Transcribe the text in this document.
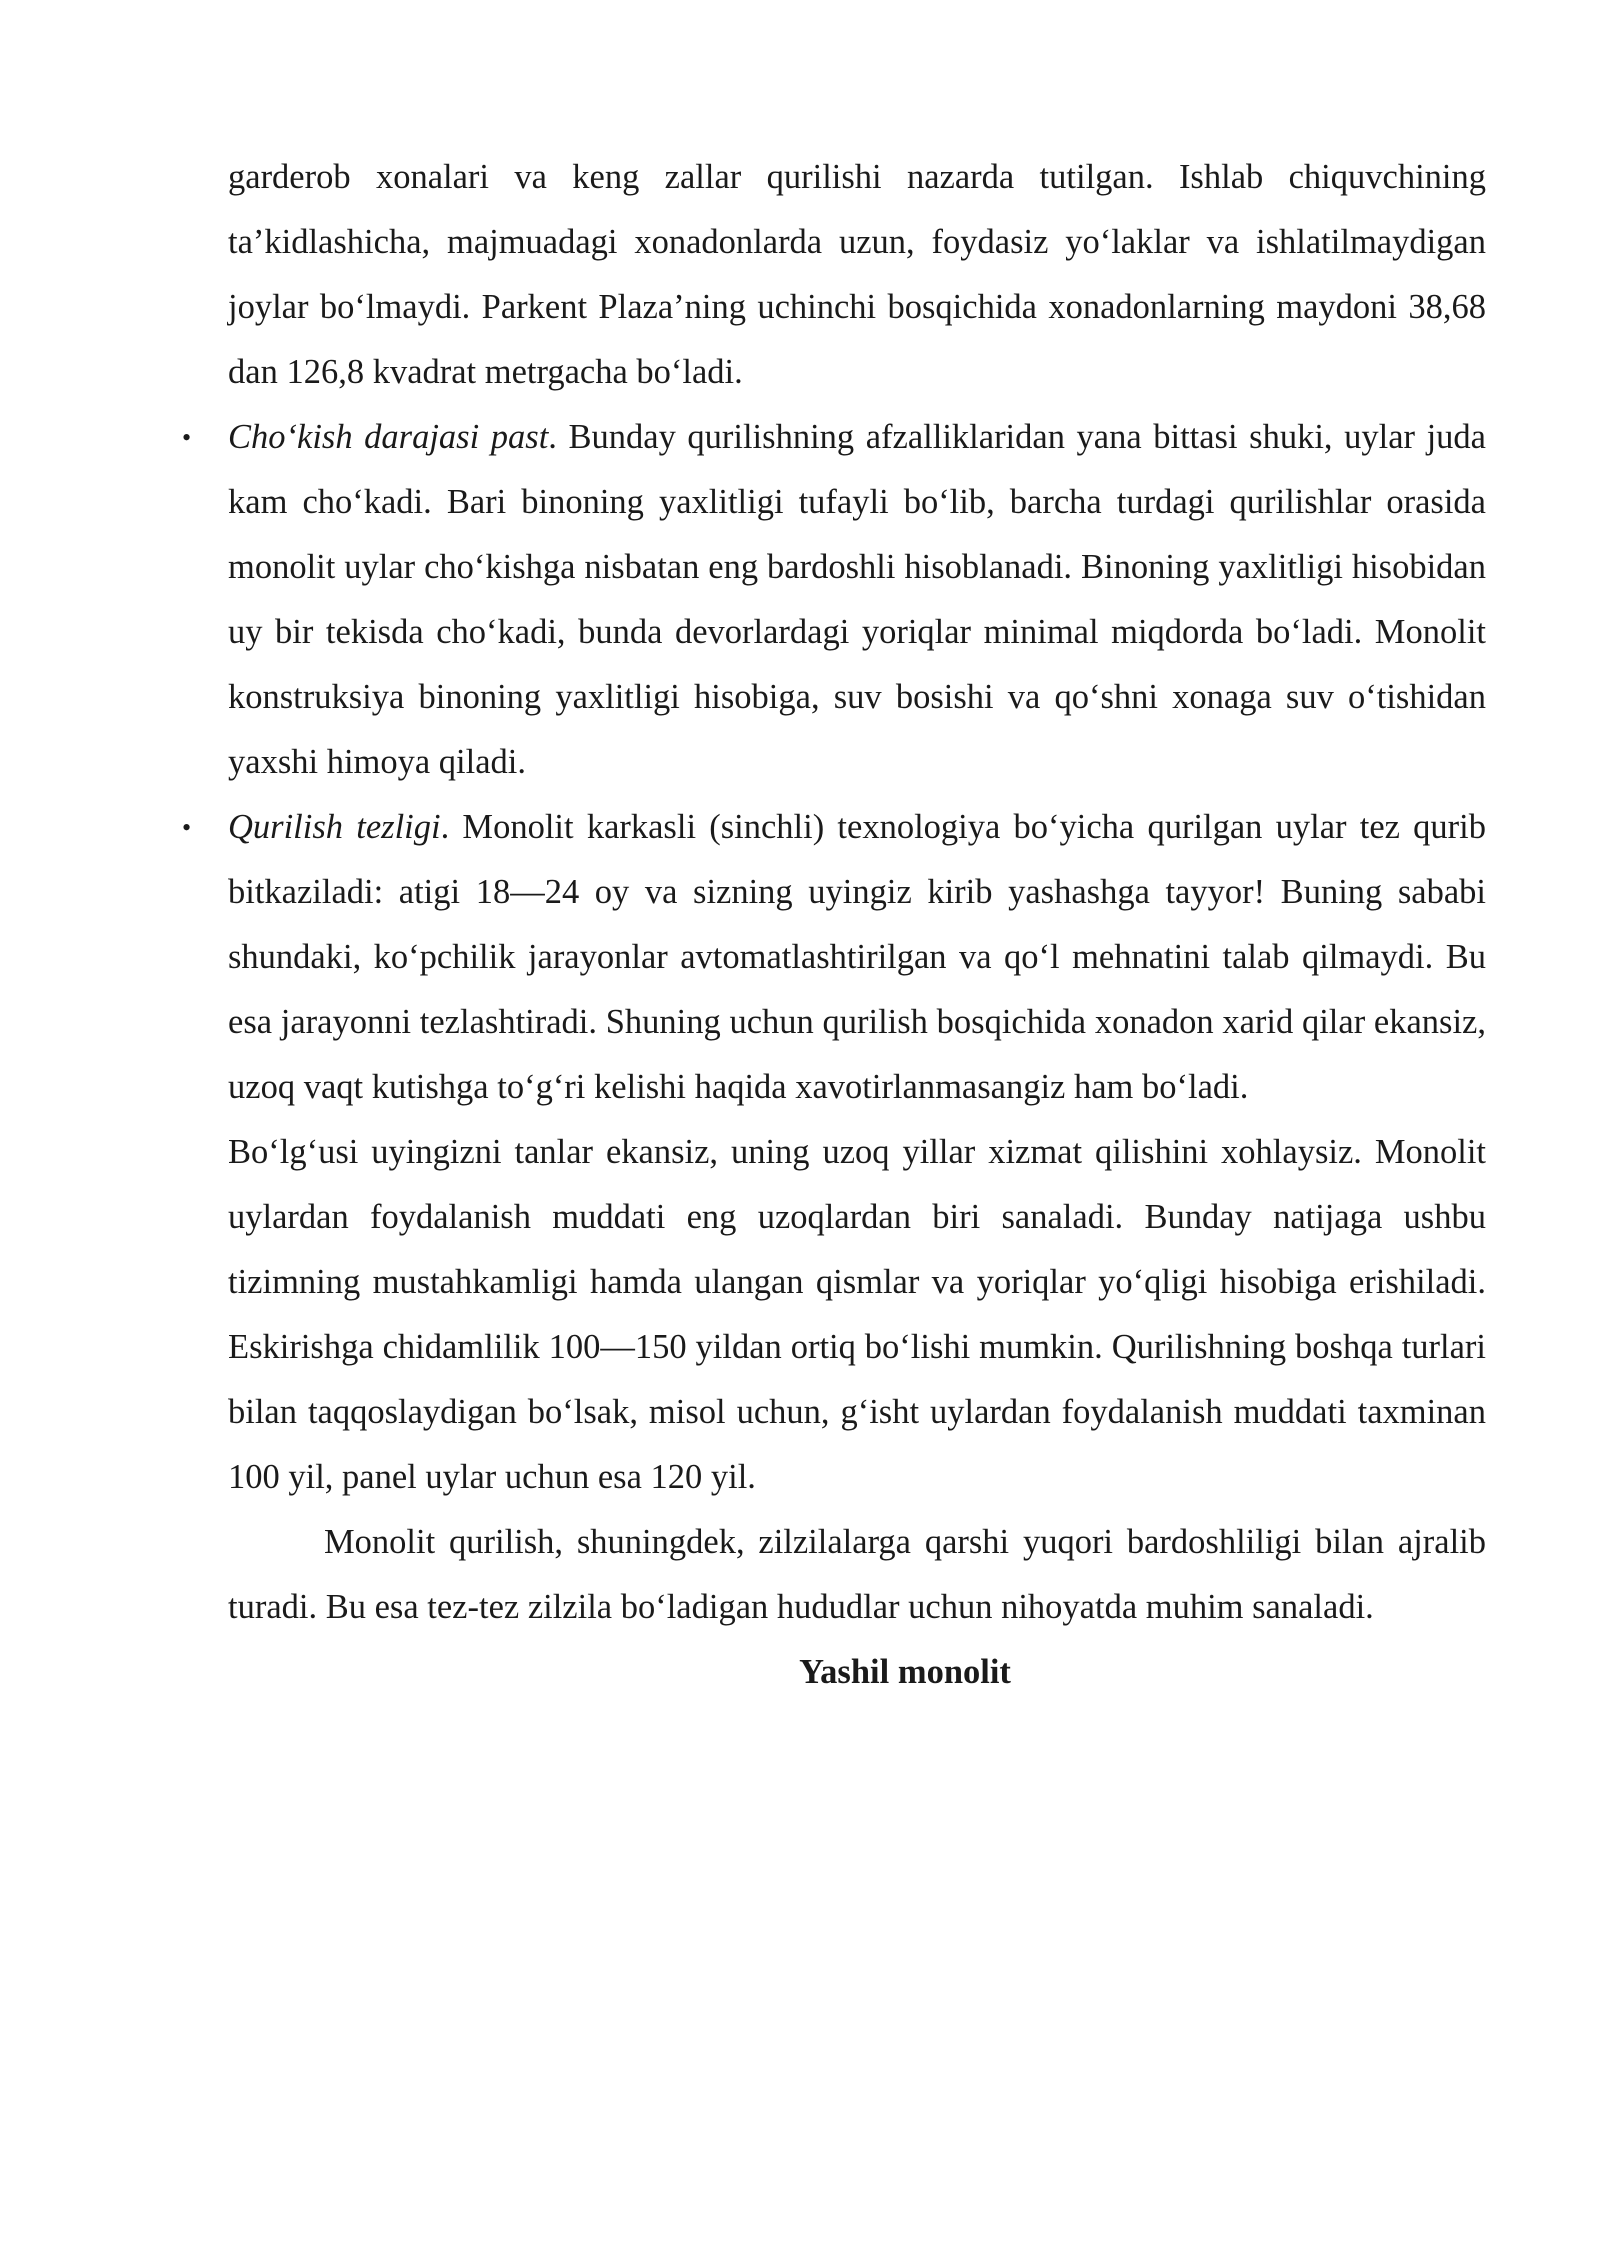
garderob xonalari va keng zallar qurilishi nazarda tutilgan. Ishlab chiquvchining ta’kidlashicha, majmuadagi xonadonlarda uzun, foydasiz yo‘laklar va ishlatilmaydigan joylar bo‘lmaydi. Parkent Plaza’ning uchinchi bosqichida xonadonlarning maydoni 38,68 dan 126,8 kvadrat metrgacha bo‘ladi.

• Cho‘kish darajasi past. Bunday qurilishning afzalliklaridan yana bittasi shuki, uylar juda kam cho‘kadi. Bari binoning yaxlitligi tufayli bo‘lib, barcha turdagi qurilishlar orasida monolit uylar cho‘kishga nisbatan eng bardoshli hisoblanadi. Binoning yaxlitligi hisobidan uy bir tekisda cho‘kadi, bunda devorlardagi yoriqlar minimal miqdorda bo‘ladi. Monolit konstruksiya binoning yaxlitligi hisobiga, suv bosishi va qo‘shni xonaga suv o‘tishidan yaxshi himoya qiladi.

• Qurilish tezligi. Monolit karkasli (sinchli) texnologiya bo‘yicha qurilgan uylar tez qurib bitkaziladi: atigi 18—24 oy va sizning uyingiz kirib yashashga tayyor! Buning sababi shundaki, ko‘pchilik jarayonlar avtomatlashtirilgan va qo‘l mehnatini talab qilmaydi. Bu esa jarayonni tezlashtiradi. Shuning uchun qurilish bosqichida xonadon xarid qilar ekansiz, uzoq vaqt kutishga to‘g‘ri kelishi haqida xavotirlanmasangiz ham bo‘ladi.

Bo‘lg‘usi uyingizni tanlar ekansiz, uning uzoq yillar xizmat qilishini xohlaysiz. Monolit uylardan foydalanish muddati eng uzoqlardan biri sanaladi. Bunday natijaga ushbu tizimning mustahkamligi hamda ulangan qismlar va yoriqlar yo‘qligi hisobiga erishiladi. Eskirishga chidamlilik 100—150 yildan ortiq bo‘lishi mumkin. Qurilishning boshqa turlari bilan taqqoslaydigan bo‘lsak, misol uchun, g‘isht uylardan foydalanish muddati taxminan 100 yil, panel uylar uchun esa 120 yil.

Monolit qurilish, shuningdek, zilzilalarga qarshi yuqori bardoshliligi bilan ajralib turadi. Bu esa tez-tez zilzila bo‘ladigan hududlar uchun nihoyatda muhim sanaladi.

Yashil monolit
